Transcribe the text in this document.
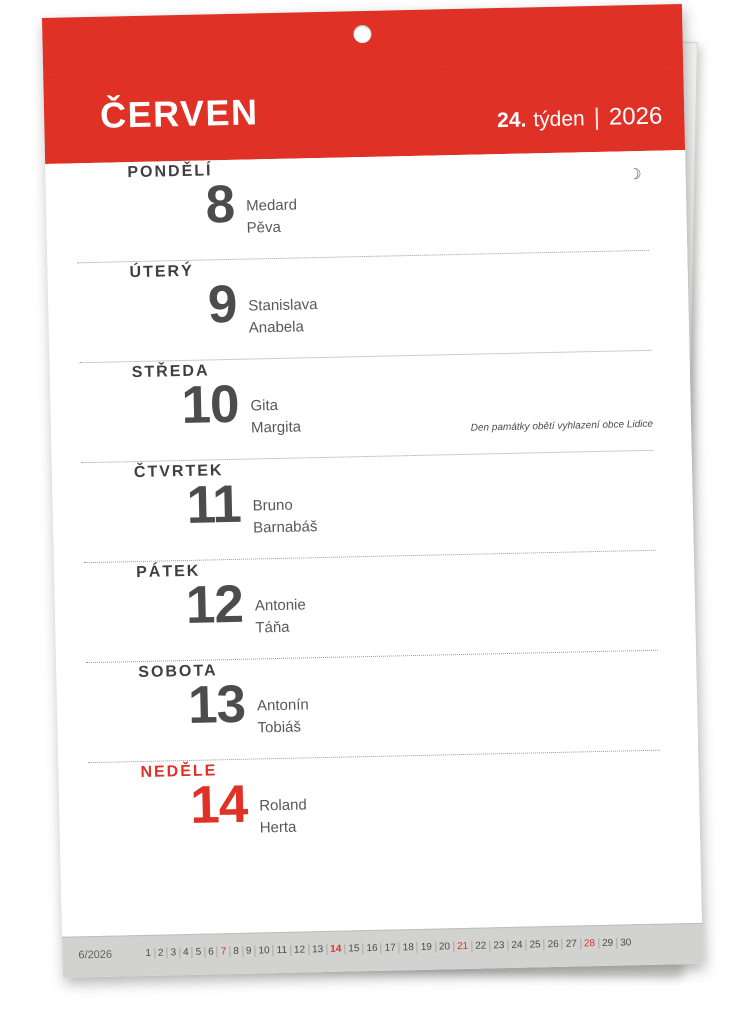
ČERVEN	24. týden | 2026
☽
PONDĚLÍ
8 Medard
Pěva
ÚTERÝ
9 Stanislava
Anabela
STŘEDA
10 Gita
Margita	Den památky obětí vyhlazení obce Lidice
ČTVRTEK
11 Bruno
Barnabáš
PÁTEK
12 Antonie
Táňa
SOBOTA
13 Antonín
Tobiáš
NEDĚLE
14 Roland
Herta
6/2026	1 2 3 4 5 6 7 8 9 10 11 12 13 14 15 16 17 18 19 20 21 22 23 24 25 26 27 28 29 30
